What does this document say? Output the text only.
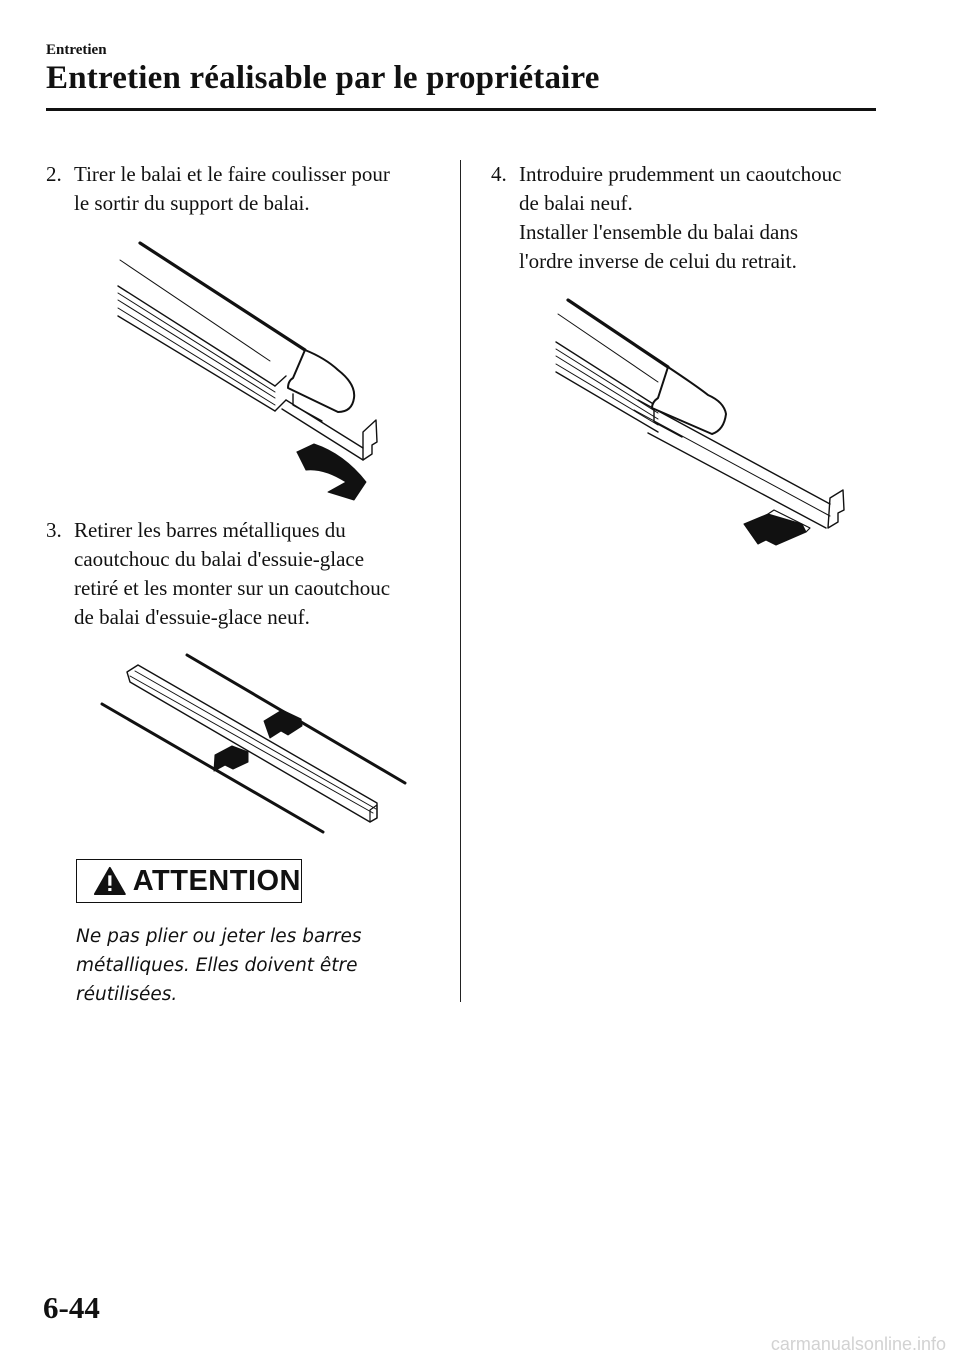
Entretien
Entretien réalisable par le propriétaire
2. Tirer le balai et le faire coulisser pour
le sortir du support de balai.
3. Retirer les barres métalliques du
caoutchouc du balai d'essuie-glace
retiré et les monter sur un caoutchouc
de balai d'essuie-glace neuf.
ATTENTION
Ne pas plier ou jeter les barres
métalliques. Elles doivent être
réutilisées.
4. Introduire prudemment un caoutchouc
de balai neuf.
Installer l'ensemble du balai dans
l'ordre inverse de celui du retrait.
6-44
carmanualsonline.info
